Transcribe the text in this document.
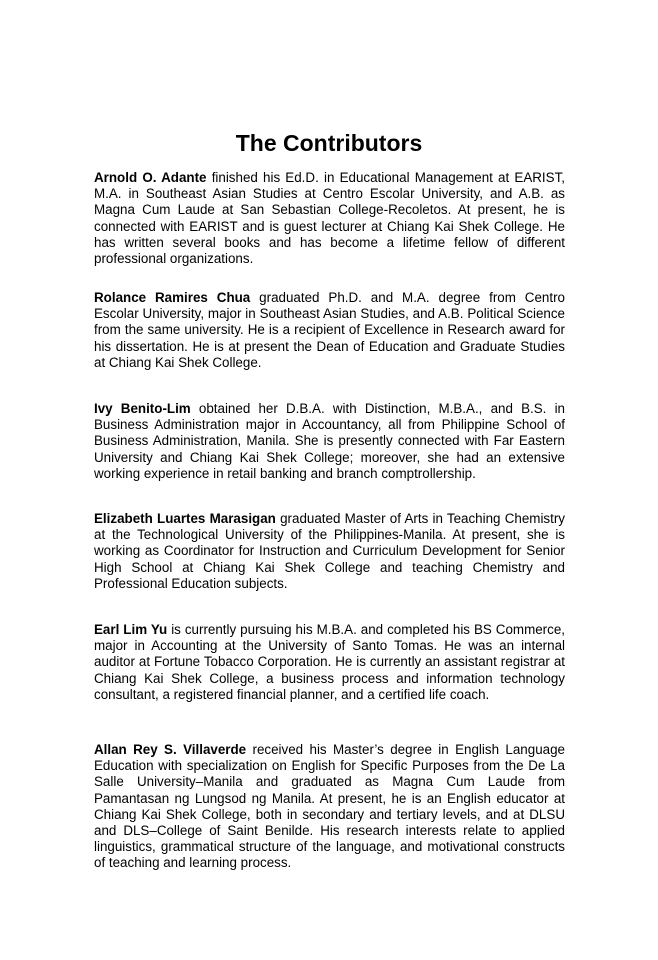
The Contributors

Arnold O. Adante finished his Ed.D. in Educational Management at EARIST, M.A. in Southeast Asian Studies at Centro Escolar University, and A.B. as Magna Cum Laude at San Sebastian College-Recoletos. At present, he is connected with EARIST and is guest lecturer at Chiang Kai Shek College. He has written several books and has become a lifetime fellow of different professional organizations.

Rolance Ramires Chua graduated Ph.D. and M.A. degree from Centro Escolar University, major in Southeast Asian Studies, and A.B. Political Science from the same university. He is a recipient of Excellence in Research award for his dissertation. He is at present the Dean of Education and Graduate Studies at Chiang Kai Shek College.

Ivy Benito-Lim obtained her D.B.A. with Distinction, M.B.A., and B.S. in Business Administration major in Accountancy, all from Philippine School of Business Administration, Manila. She is presently connected with Far Eastern University and Chiang Kai Shek College; moreover, she had an extensive working experience in retail banking and branch comptrollership.

Elizabeth Luartes Marasigan graduated Master of Arts in Teaching Chemistry at the Technological University of the Philippines-Manila. At present, she is working as Coordinator for Instruction and Curriculum Development for Senior High School at Chiang Kai Shek College and teaching Chemistry and Professional Education subjects.

Earl Lim Yu is currently pursuing his M.B.A. and completed his BS Commerce, major in Accounting at the University of Santo Tomas. He was an internal auditor at Fortune Tobacco Corporation. He is currently an assistant registrar at Chiang Kai Shek College, a business process and information technology consultant, a registered financial planner, and a certified life coach.

Allan Rey S. Villaverde received his Master’s degree in English Language Education with specialization on English for Specific Purposes from the De La Salle University–Manila and graduated as Magna Cum Laude from Pamantasan ng Lungsod ng Manila. At present, he is an English educator at Chiang Kai Shek College, both in secondary and tertiary levels, and at DLSU and DLS–College of Saint Benilde. His research interests relate to applied linguistics, grammatical structure of the language, and motivational constructs of teaching and learning process.
